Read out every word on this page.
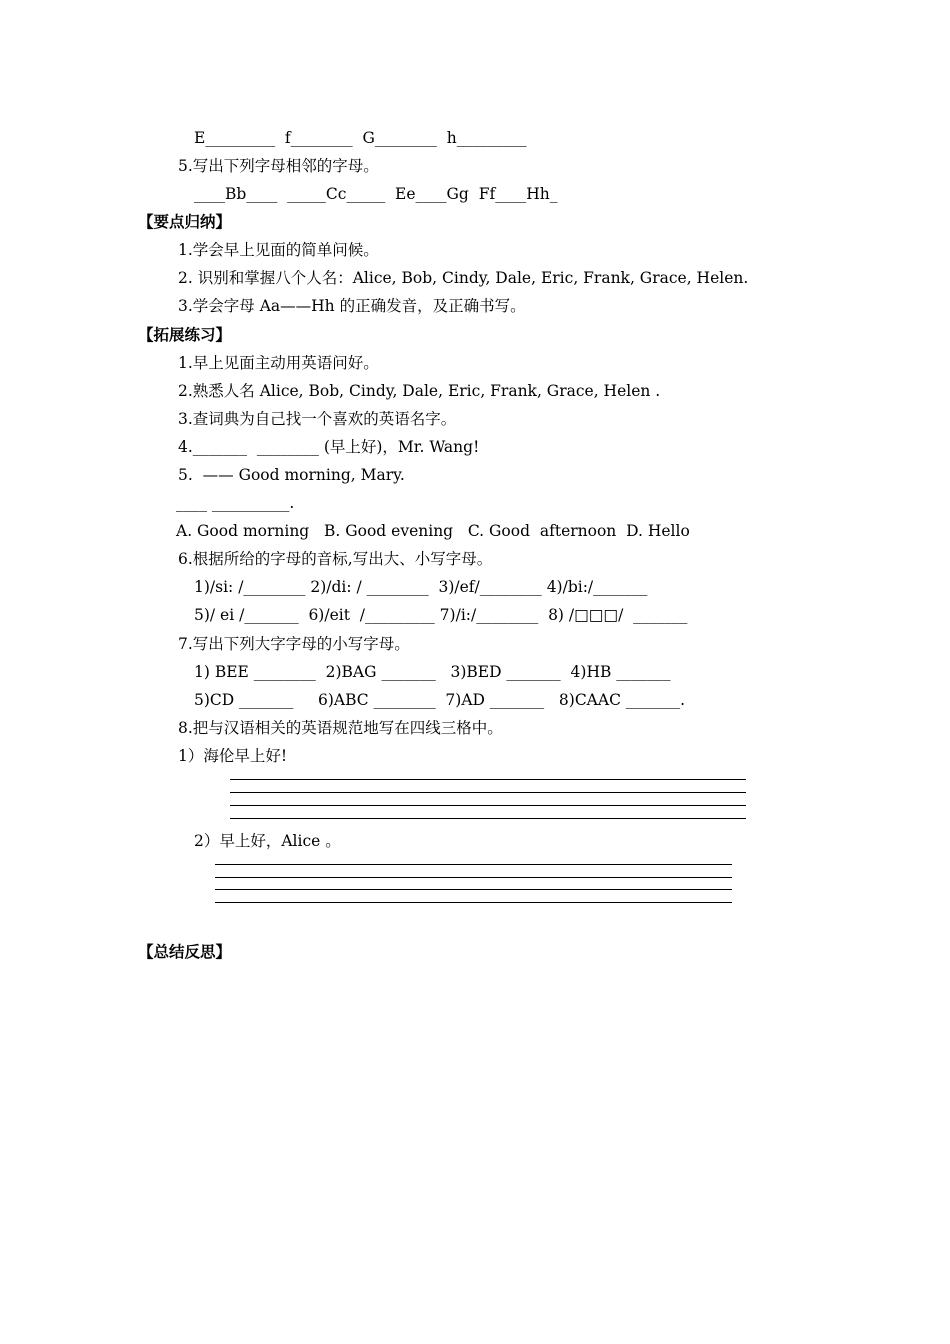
E_________  f________  G________  h_________
5.写出下列字母相邻的字母。
____Bb____  _____Cc_____  Ee____Gg  Ff____Hh_
【要点归纳】
1.学会早上见面的简单问候。
2. 识别和掌握八个人名：Alice, Bob, Cindy, Dale, Eric, Frank, Grace, Helen.
3.学会字母 Aa——Hh 的正确发音，及正确书写。
【拓展练习】
1.早上见面主动用英语问好。
2.熟悉人名 Alice, Bob, Cindy, Dale, Eric, Frank, Grace, Helen .
3.查词典为自己找一个喜欢的英语名字。
4._______  ________ (早上好)，Mr. Wang!
5.  —— Good morning, Mary.
____ __________.
A. Good morning   B. Good evening   C. Good  afternoon  D. Hello
6.根据所给的字母的音标,写出大、小写字母。
1)/si: /________ 2)/di: / ________  3)/ef/________ 4)/bi:/_______
5)/ ei /_______  6)/eit  /_________ 7)/i:/________  8) /□□□/  _______
7.写出下列大字字母的小写字母。
1) BEE ________  2)BAG _______   3)BED _______  4)HB _______
5)CD _______     6)ABC ________  7)AD _______   8)CAAC _______.
8.把与汉语相关的英语规范地写在四线三格中。
1）海伦早上好!
2）早上好，Alice 。
【总结反思】
